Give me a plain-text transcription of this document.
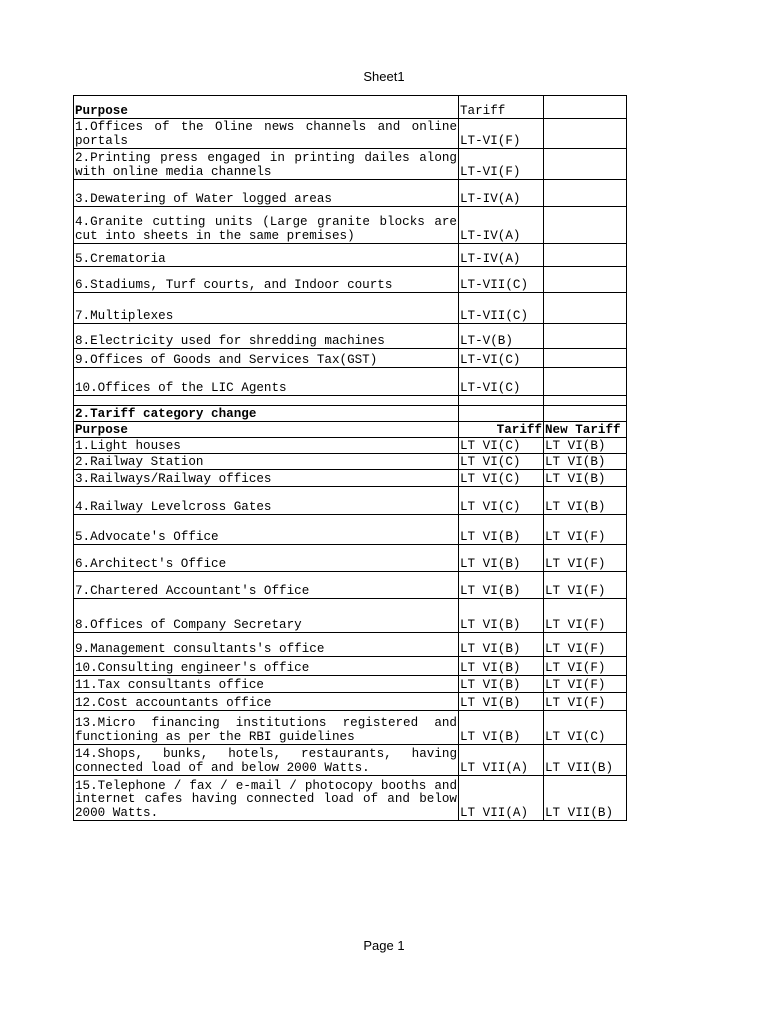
Sheet1
Purpose	Tariff	
1.Offices of the Oline news channels and online portals	LT-VI(F)	
2.Printing press engaged in printing dailes along with online media channels	LT-VI(F)	
3.Dewatering of Water logged areas	LT-IV(A)	
4.Granite cutting units (Large granite blocks are cut into sheets in the same premises)	LT-IV(A)	
5.Crematoria	LT-IV(A)	
6.Stadiums, Turf courts, and Indoor courts	LT-VII(C)	
7.Multiplexes	LT-VII(C)	
8.Electricity used for shredding machines	LT-V(B)	
9.Offices of Goods and Services Tax(GST)	LT-VI(C)	
10.Offices of the LIC Agents	LT-VI(C)	

2.Tariff category change		
Purpose	Tariff	New Tariff
1.Light houses	LT VI(C)	LT VI(B)
2.Railway Station	LT VI(C)	LT VI(B)
3.Railways/Railway offices	LT VI(C)	LT VI(B)
4.Railway Levelcross Gates	LT VI(C)	LT VI(B)
5.Advocate's Office	LT VI(B)	LT VI(F)
6.Architect's Office	LT VI(B)	LT VI(F)
7.Chartered Accountant's Office	LT VI(B)	LT VI(F)
8.Offices of Company Secretary	LT VI(B)	LT VI(F)
9.Management consultants's office	LT VI(B)	LT VI(F)
10.Consulting engineer's office	LT VI(B)	LT VI(F)
11.Tax consultants office	LT VI(B)	LT VI(F)
12.Cost accountants office	LT VI(B)	LT VI(F)
13.Micro financing institutions registered and functioning as per the RBI guidelines	LT VI(B)	LT VI(C)
14.Shops, bunks, hotels, restaurants, having connected load of and below 2000 Watts.	LT VII(A)	LT VII(B)
15.Telephone / fax / e-mail / photocopy booths and internet cafes having connected load of and below 2000 Watts.	LT VII(A)	LT VII(B)
Page 1
